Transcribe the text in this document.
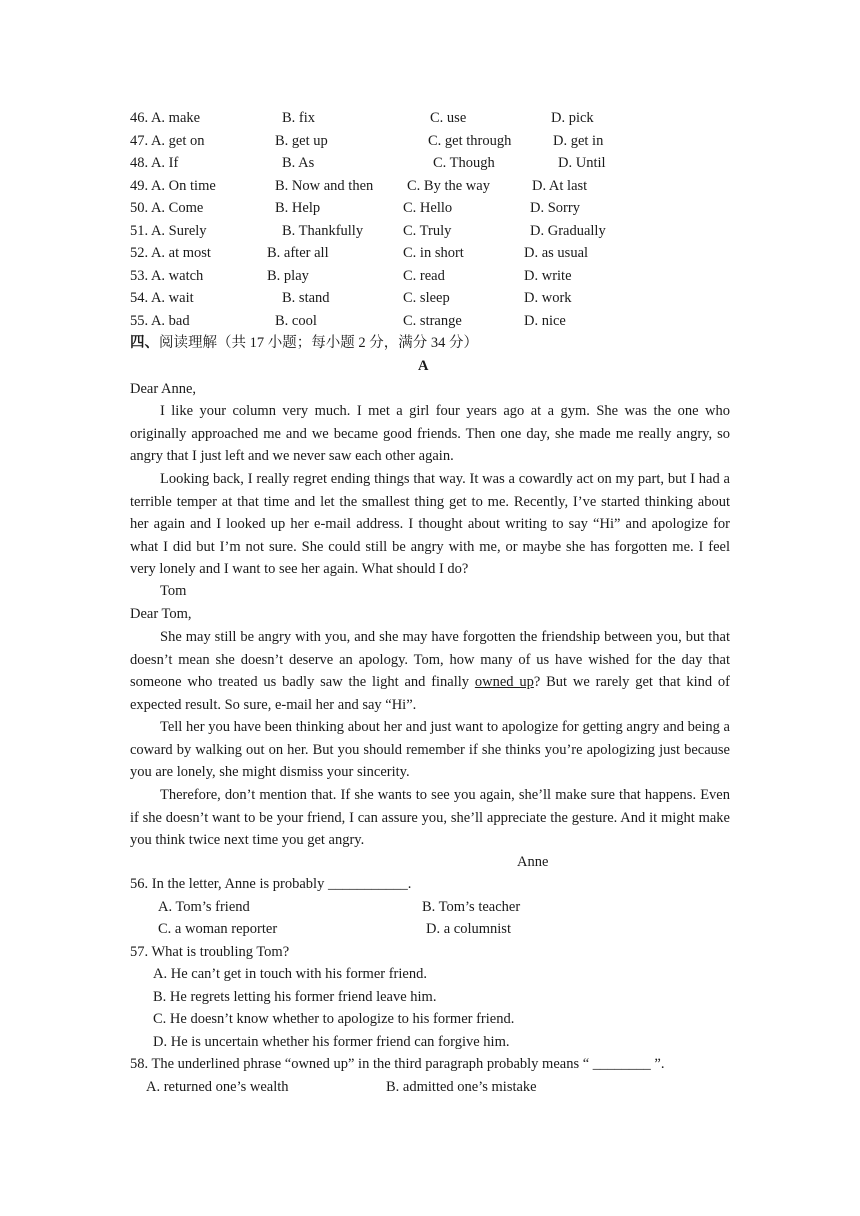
46. A. make	B. fix	C. use	D. pick
47. A. get on	B. get up	C. get through	D. get in
48. A. If	B. As	C. Though	D. Until
49. A. On time	B. Now and then C. By the way	D. At last
50. A. Come	B. Help	C. Hello	D. Sorry
51. A. Surely	B. Thankfully	C. Truly	D. Gradually
52. A. at most	B. after all	C. in short	D. as usual
53. A. watch	B. play	C. read	D. write
54. A. wait	B. stand	C. sleep	D. work
55. A. bad	B. cool	C. strange	D. nice
四、阅读理解（共 17 小题；每小题 2 分，满分 34 分）
A
Dear Anne,
I like your column very much. I met a girl four years ago at a gym. She was the one who originally approached me and we became good friends. Then one day, she made me really angry, so angry that I just left and we never saw each other again.
Looking back, I really regret ending things that way. It was a cowardly act on my part, but I had a terrible temper at that time and let the smallest thing get to me. Recently, I’ve started thinking about her again and I looked up her e-mail address. I thought about writing to say “Hi” and apologize for what I did but I’m not sure. She could still be angry with me, or maybe she has forgotten me. I feel very lonely and I want to see her again. What should I do?
Tom
Dear Tom,
She may still be angry with you, and she may have forgotten the friendship between you, but that doesn’t mean she doesn’t deserve an apology. Tom, how many of us have wished for the day that someone who treated us badly saw the light and finally owned up? But we rarely get that kind of expected result. So sure, e-mail her and say “Hi”.
Tell her you have been thinking about her and just want to apologize for getting angry and being a coward by walking out on her. But you should remember if she thinks you’re apologizing just because you are lonely, she might dismiss your sincerity.
Therefore, don’t mention that. If she wants to see you again, she’ll make sure that happens. Even if she doesn’t want to be your friend, I can assure you, she’ll appreciate the gesture. And it might make you think twice next time you get angry.
Anne
56. In the letter, Anne is probably ___________.
A. Tom’s friend	B. Tom’s teacher
C. a woman reporter	D. a columnist
57. What is troubling Tom?
A. He can’t get in touch with his former friend.
B. He regrets letting his former friend leave him.
C. He doesn’t know whether to apologize to his former friend.
D. He is uncertain whether his former friend can forgive him.
58. The underlined phrase “owned up” in the third paragraph probably means “ ________ ”.
A. returned one’s wealth	B. admitted one’s mistake
